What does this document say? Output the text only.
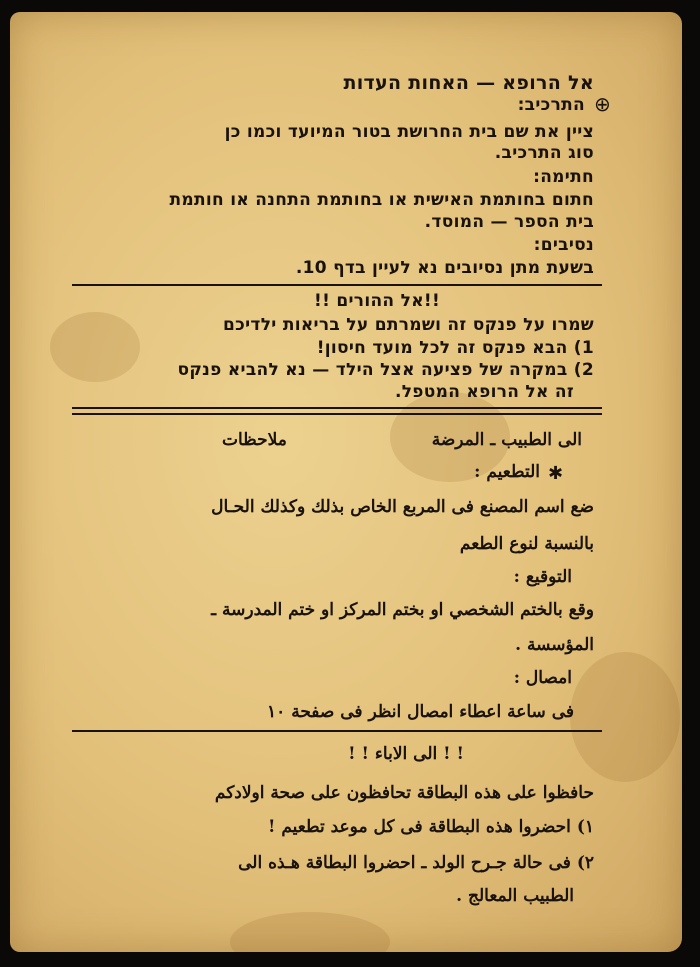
אל הרופא — האחות העדות
התרכיב: ⊕
ציין את שם בית החרושת בטור המיועד וכמו כן
סוג התרכיב.
חתימה:
חתום בחותמת האישית או בחותמת התחנה או חותמת
בית הספר — המוסד.
נסיבים:
בשעת מתן נסיובים נא לעיין בדף 10.
!!אל ההורים !!
שמרו על פנקס זה ושמרתם על בריאות ילדיכם
1) הבא פנקס זה לכל מועד חיסון!
2) במקרה של פציעה אצל הילד — נא להביא פנקס
זה אל הרופא המטפל.
الى الطبيب ـ المرضة
ملاحظات
✱
التطعيم :
ضع اسم المصنع فى المربع الخاص بذلك وكذلك الحـال
بالنسبة لنوع الطعم
التوقيع :
وقع بالختم الشخصي او بختم المركز او ختم المدرسة ـ
المؤسسة .
امصال :
فى ساعة اعطاء امصال انظر فى صفحة ١٠
! ! الى الاباء ! !
حافظوا على هذه البطاقة تحافظون على صحة اولادكم
١) احضروا هذه البطاقة فى كل موعد تطعيم !
٢) فى حالة جـرح الولد ـ احضروا البطاقة هـذه الى
الطبيب المعالج .
